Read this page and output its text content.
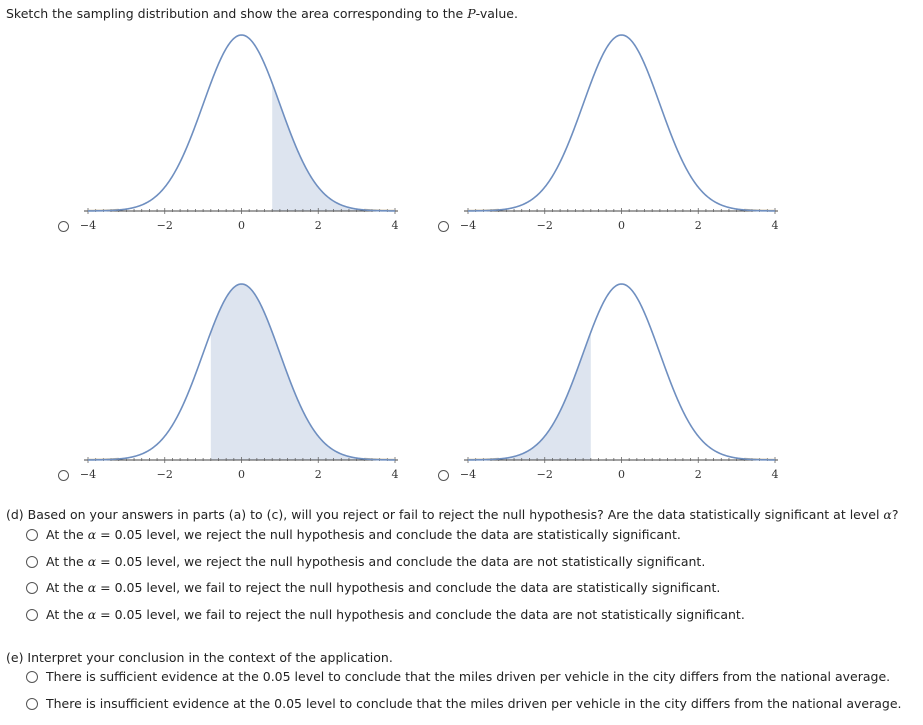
Sketch the sampling distribution and show the area corresponding to the P-value.
−4	−2	0	2	4	−4	−2	0	2	4
−4	−2	0	2	4	−4	−2	0	2	4
(d) Based on your answers in parts (a) to (c), will you reject or fail to reject the null hypothesis? Are the data statistically significant at level α?
At the α = 0.05 level, we reject the null hypothesis and conclude the data are statistically significant.
At the α = 0.05 level, we reject the null hypothesis and conclude the data are not statistically significant.
At the α = 0.05 level, we fail to reject the null hypothesis and conclude the data are statistically significant.
At the α = 0.05 level, we fail to reject the null hypothesis and conclude the data are not statistically significant.
(e) Interpret your conclusion in the context of the application.
There is sufficient evidence at the 0.05 level to conclude that the miles driven per vehicle in the city differs from the national average.
There is insufficient evidence at the 0.05 level to conclude that the miles driven per vehicle in the city differs from the national average.
